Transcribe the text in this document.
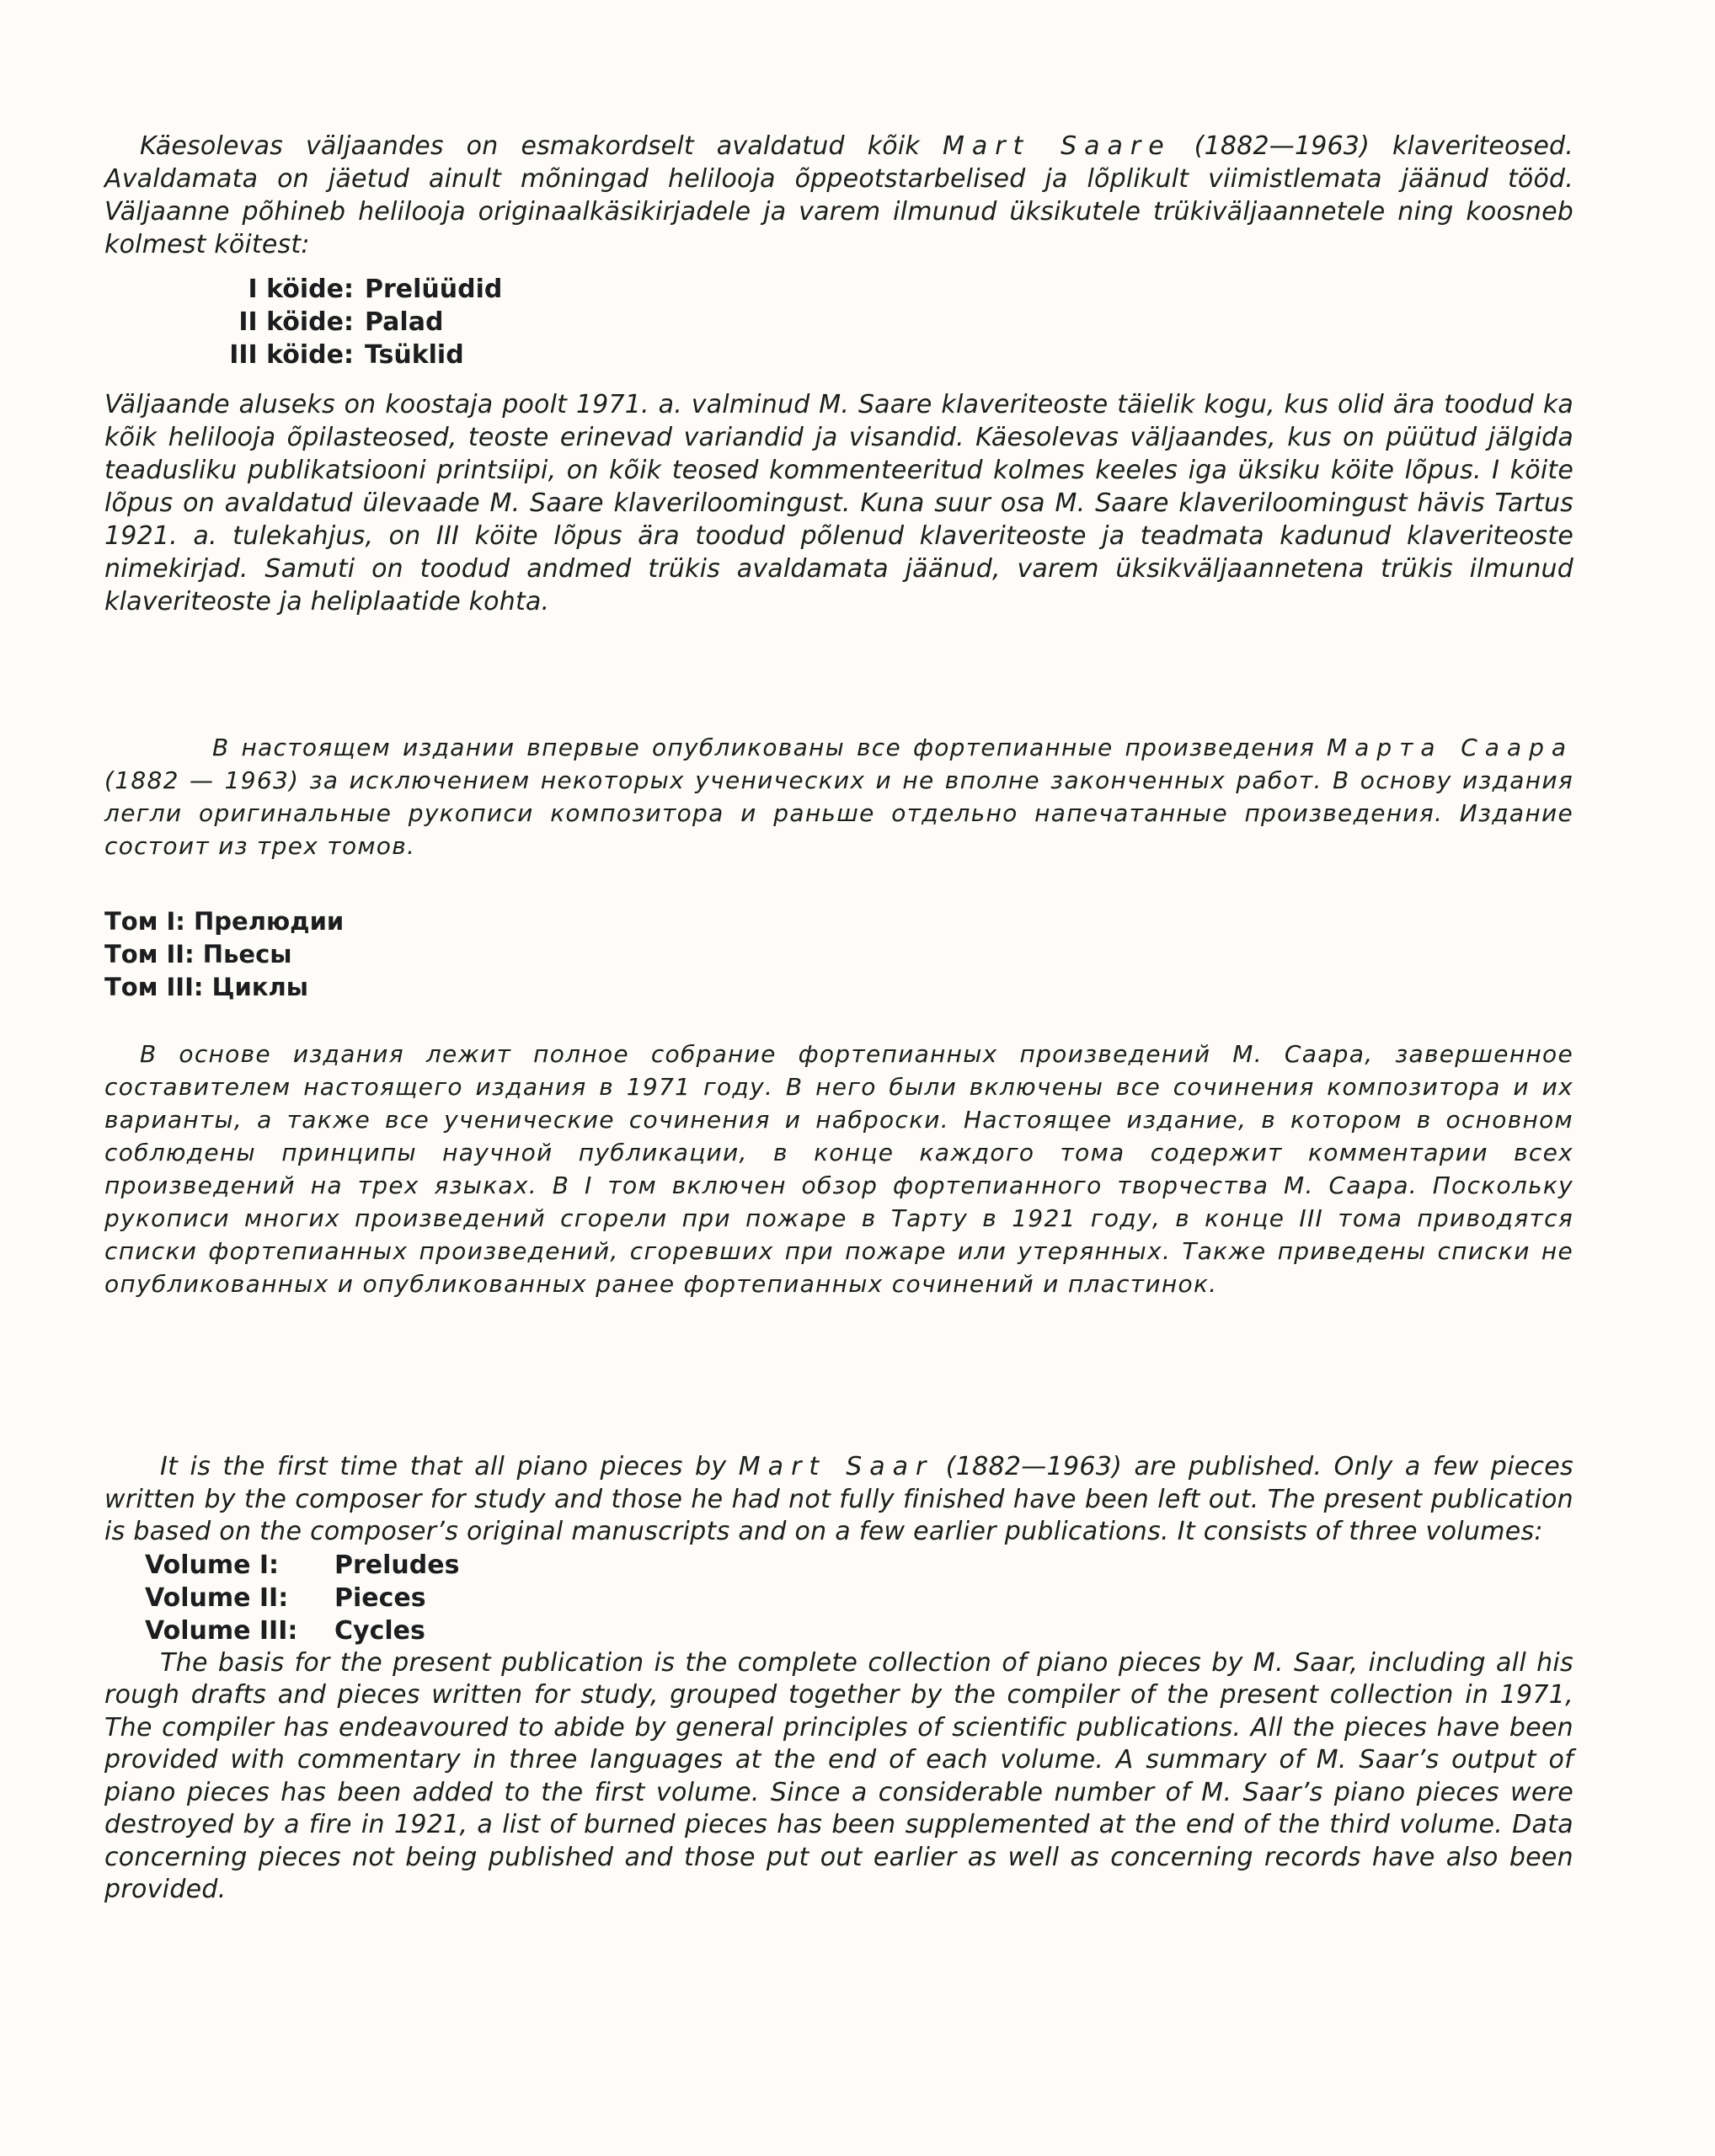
Käesolevas väljaandes on esmakordselt avaldatud kõik Mart Saare (1882—1963) klaveriteosed. Avaldamata on jäetud ainult mõningad helilooja õppeotstarbelised ja lõplikult viimistlemata jäänud tööd. Väljaanne põhineb helilooja originaalkäsikirjadele ja varem ilmunud üksikutele trükiväljaannetele ning koosneb kolmest köitest:

I köide: Prelüüdid
II köide: Palad
III köide: Tsüklid

Väljaande aluseks on koostaja poolt 1971. a. valminud M. Saare klaveriteoste täielik kogu, kus olid ära toodud ka kõik helilooja õpilasteosed, teoste erinevad variandid ja visandid. Käesolevas väljaandes, kus on püütud jälgida teadusliku publikatsiooni printsiipi, on kõik teosed kommenteeritud kolmes keeles iga üksiku köite lõpus. I köite lõpus on avaldatud ülevaade M. Saare klaveriloomingust. Kuna suur osa M. Saare klaveriloomingust hävis Tartus 1921. a. tulekahjus, on III köite lõpus ära toodud põlenud klaveriteoste ja teadmata kadunud klaveriteoste nimekirjad. Samuti on toodud andmed trükis avaldamata jäänud, varem üksikväljaannetena trükis ilmunud klaveriteoste ja heliplaatide kohta.

В настоящем издании впервые опубликованы все фортепианные произведения Марта Саара (1882 — 1963) за исключением некоторых ученических и не вполне законченных работ. В основу издания легли оригинальные рукописи композитора и раньше отдельно напечатанные произведения. Издание состоит из трех томов.

Том I:
Прелюдии
Том II:
Пьесы
Том III:
Циклы

В основе издания лежит полное собрание фортепианных произведений М. Саара, завершенное составителем настоящего издания в 1971 году. В него были включены все сочинения композитора и их варианты, а также все ученические сочинения и наброски. Настоящее издание, в котором в основном соблюдены принципы научной публикации, в конце каждого тома содержит комментарии всех произведений на трех языках. В I том включен обзор фортепианного творчества М. Саара. Поскольку рукописи многих произведений сгорели при пожаре в Тарту в 1921 году, в конце III тома приводятся списки фортепианных произведений, сгоревших при пожаре или утерянных. Также приведены списки не опубликованных и опубликованных ранее фортепианных сочинений и пластинок.

It is the first time that all piano pieces by Mart Saar (1882—1963) are published. Only a few pieces written by the composer for study and those he had not fully finished have been left out. The present publication is based on the composer’s original manuscripts and on a few earlier publications. It consists of three volumes:

Volume I:	Preludes
Volume II:	Pieces
Volume III:	Cycles

The basis for the present publication is the complete collection of piano pieces by M. Saar, including all his rough drafts and pieces written for study, grouped together by the compiler of the present collection in 1971, The compiler has endeavoured to abide by general principles of scientific publications. All the pieces have been provided with commentary in three languages at the end of each volume. A summary of M. Saar’s output of piano pieces has been added to the first volume. Since a considerable number of M. Saar’s piano pieces were destroyed by a fire in 1921, a list of burned pieces has been supplemented at the end of the third volume. Data concerning pieces not being published and those put out earlier as well as concerning records have also been provided.
